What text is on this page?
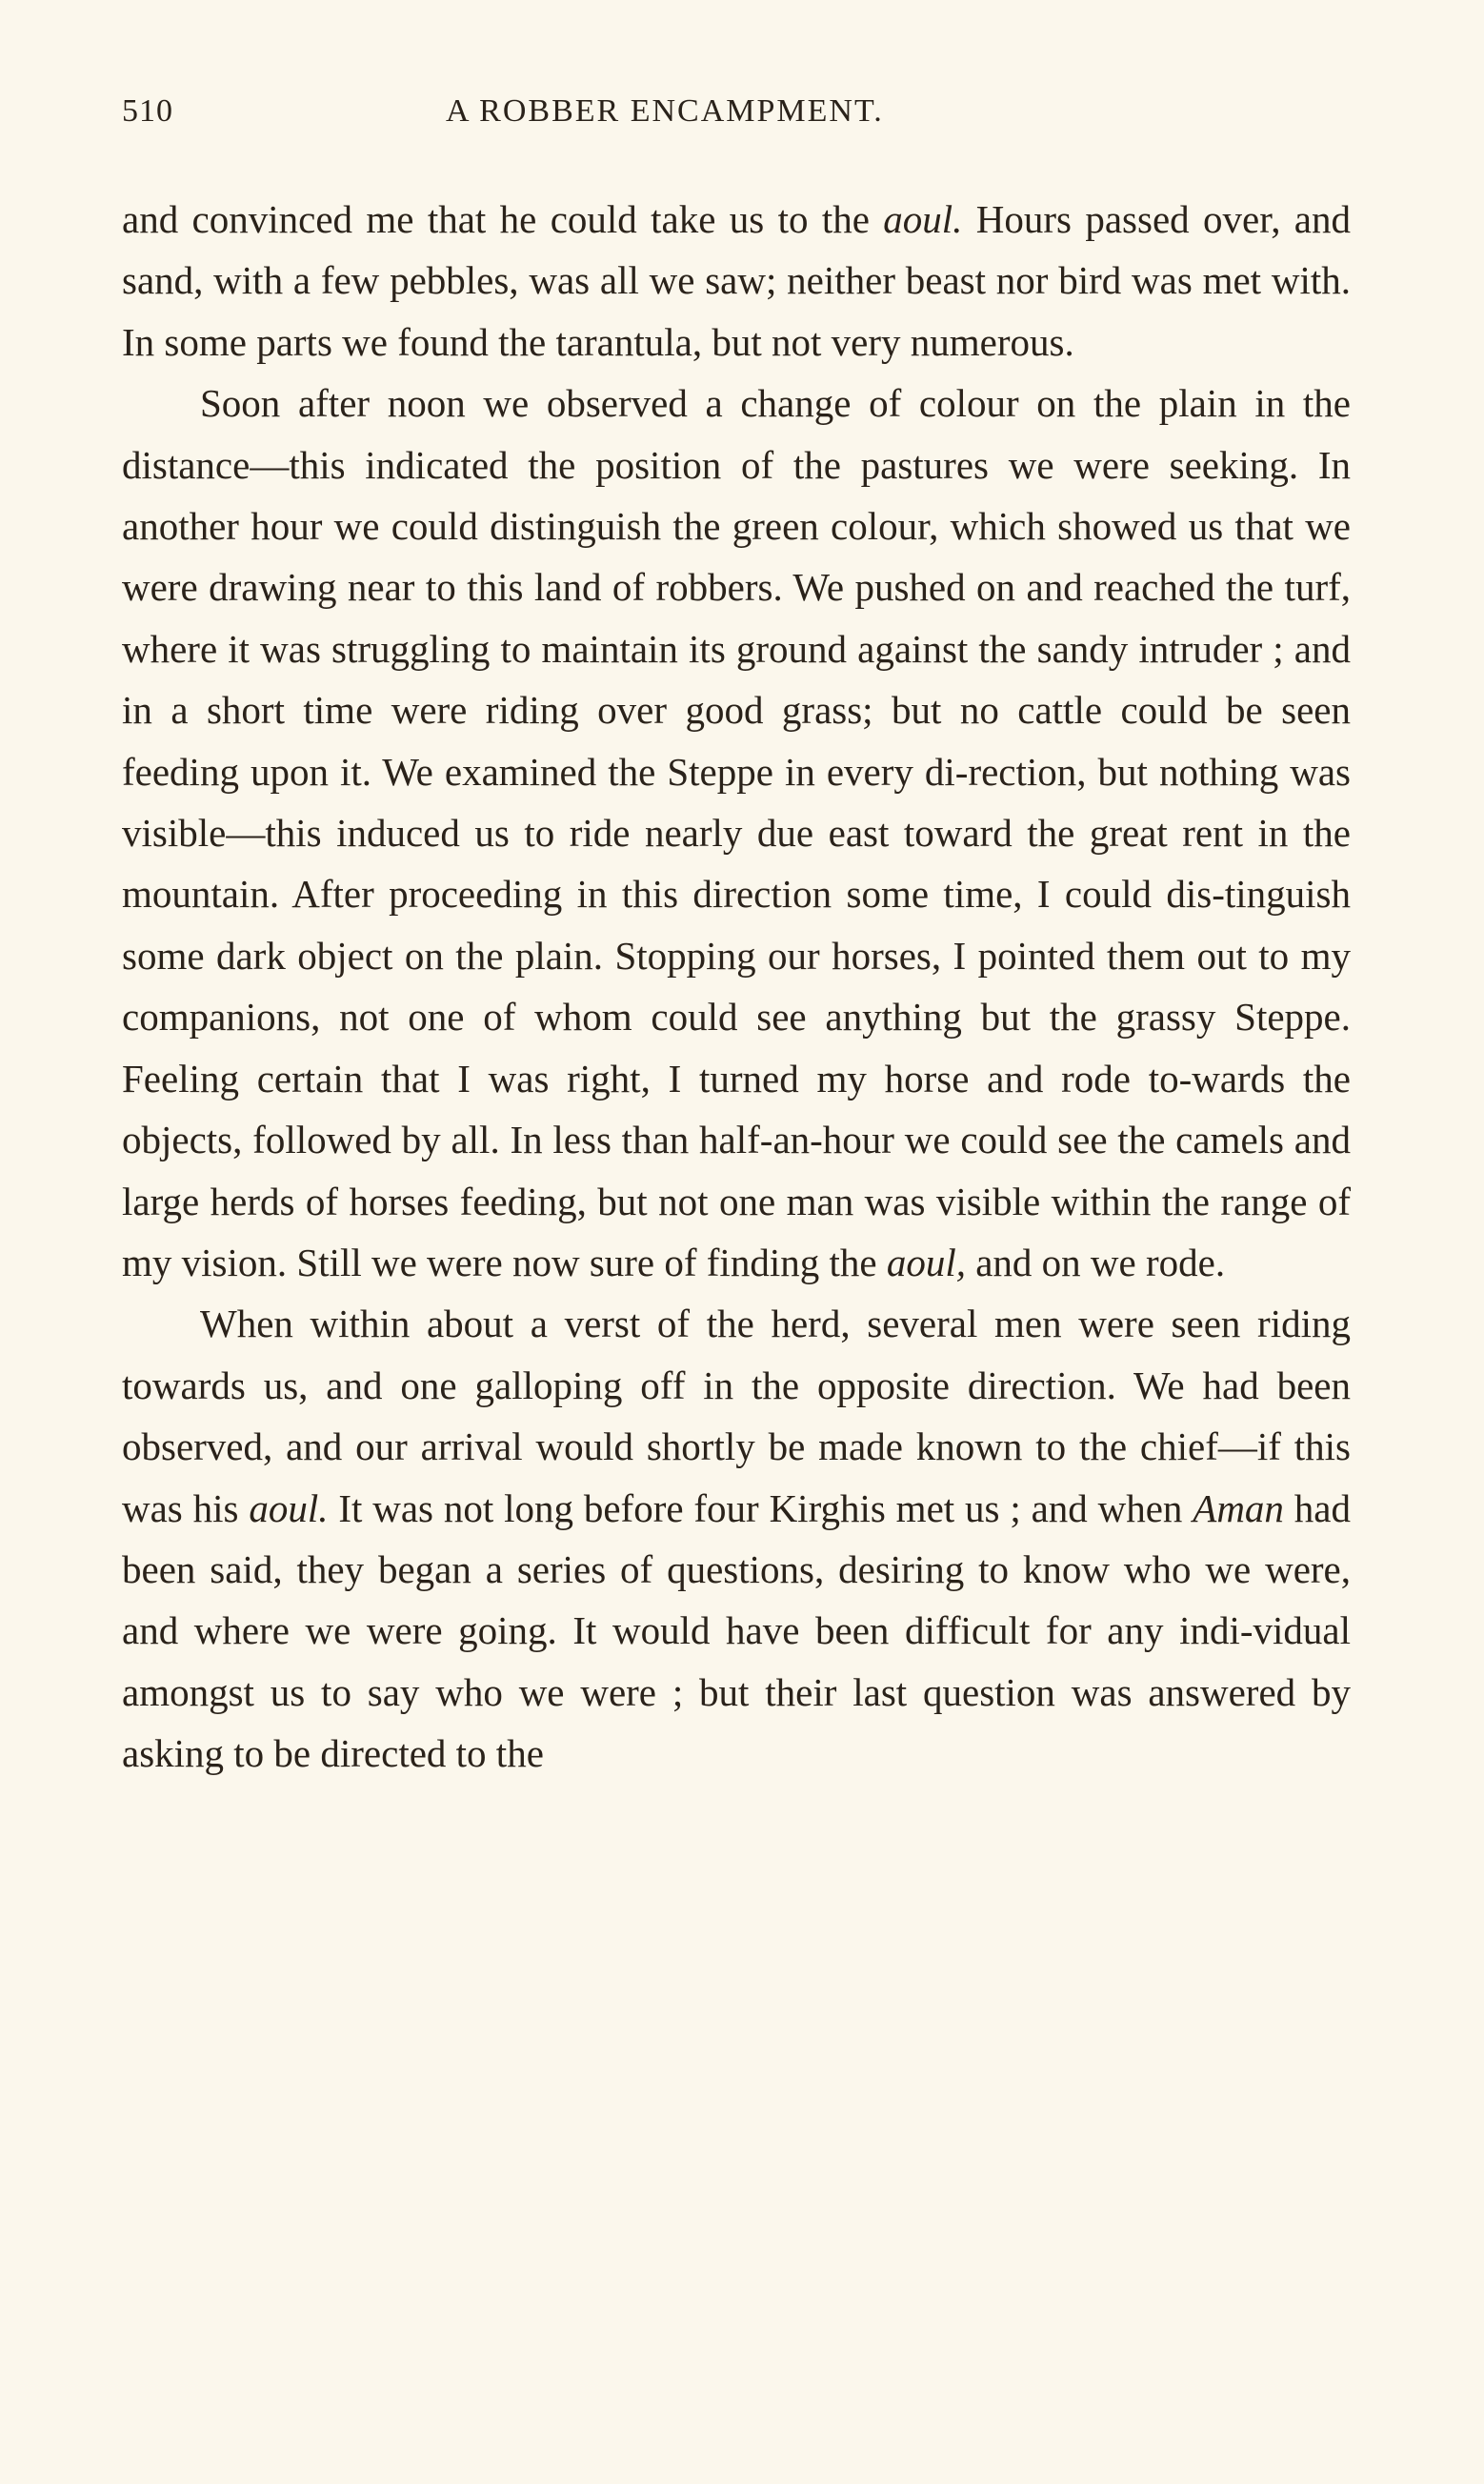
510	A ROBBER ENCAMPMENT.

and convinced me that he could take us to the aoul. Hours passed over, and sand, with a few pebbles, was all we saw; neither beast nor bird was met with. In some parts we found the tarantula, but not very numerous.

Soon after noon we observed a change of colour on the plain in the distance—this indicated the position of the pastures we were seeking. In another hour we could distinguish the green colour, which showed us that we were drawing near to this land of robbers. We pushed on and reached the turf, where it was struggling to maintain its ground against the sandy intruder ; and in a short time were riding over good grass; but no cattle could be seen feeding upon it. We examined the Steppe in every di-rection, but nothing was visible—this induced us to ride nearly due east toward the great rent in the mountain. After proceeding in this direction some time, I could dis-tinguish some dark object on the plain. Stopping our horses, I pointed them out to my companions, not one of whom could see anything but the grassy Steppe. Feeling certain that I was right, I turned my horse and rode to-wards the objects, followed by all. In less than half-an-hour we could see the camels and large herds of horses feeding, but not one man was visible within the range of my vision. Still we were now sure of finding the aoul, and on we rode.

When within about a verst of the herd, several men were seen riding towards us, and one galloping off in the opposite direction. We had been observed, and our arrival would shortly be made known to the chief—if this was his aoul. It was not long before four Kirghis met us ; and when Aman had been said, they began a series of questions, desiring to know who we were, and where we were going. It would have been difficult for any indi-vidual amongst us to say who we were ; but their last question was answered by asking to be directed to the
